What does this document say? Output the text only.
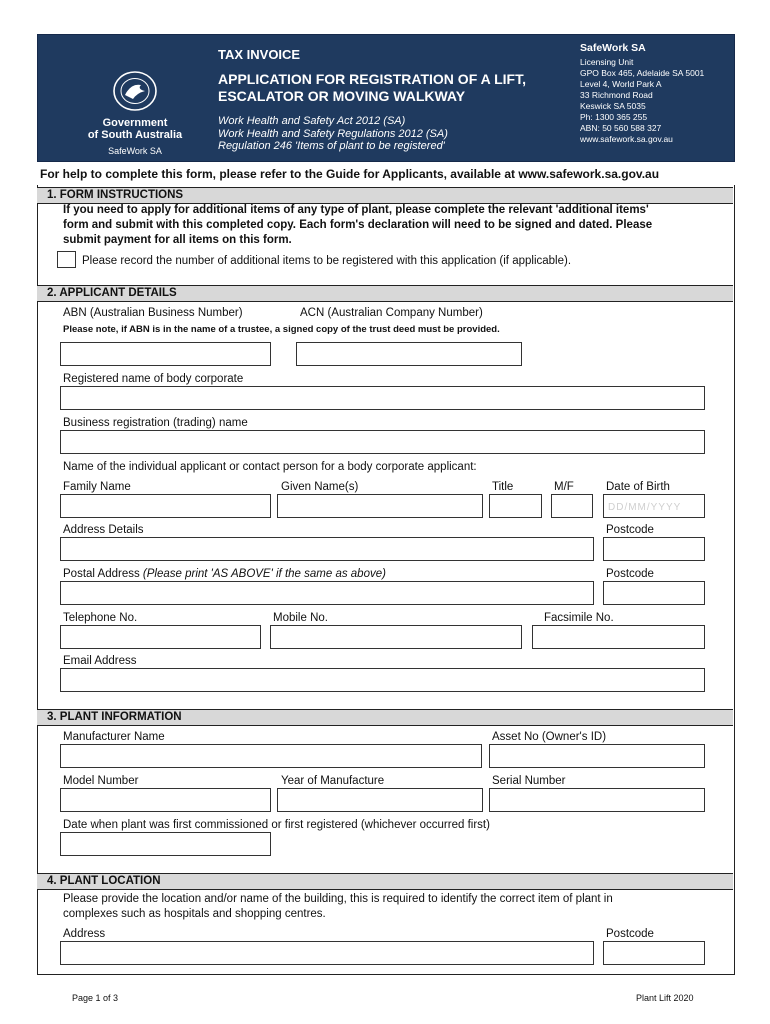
Government
of South Australia
SafeWork SA
TAX INVOICE
APPLICATION FOR REGISTRATION OF A LIFT,
ESCALATOR OR MOVING WALKWAY
Work Health and Safety Act 2012 (SA)
Work Health and Safety Regulations 2012 (SA)
Regulation 246 'Items of plant to be registered'
SafeWork SA
Licensing Unit
GPO Box 465, Adelaide SA 5001
Level 4, World Park A
33 Richmond Road
Keswick SA 5035
Ph: 1300 365 255
ABN: 50 560 588 327
www.safework.sa.gov.au
For help to complete this form, please refer to the Guide for Applicants, available at www.safework.sa.gov.au
1. FORM INSTRUCTIONS
If you need to apply for additional items of any type of plant, please complete the relevant 'additional items'
form and submit with this completed copy. Each form's declaration will need to be signed and dated. Please
submit payment for all items on this form.
Please record the number of additional items to be registered with this application (if applicable).
2. APPLICANT DETAILS
ABN (Australian Business Number)	ACN (Australian Company Number)
Please note, if ABN is in the name of a trustee, a signed copy of the trust deed must be provided.
Registered name of body corporate
Business registration (trading) name
Name of the individual applicant or contact person for a body corporate applicant:
Family Name	Given Name(s)	Title	M/F	Date of Birth
DD/MM/YYYY
Address Details	Postcode
Postal Address (Please print 'AS ABOVE' if the same as above)	Postcode
Telephone No.	Mobile No.	Facsimile No.
Email Address
3. PLANT INFORMATION
Manufacturer Name	Asset No (Owner's ID)
Model Number	Year of Manufacture	Serial Number
Date when plant was first commissioned or first registered (whichever occurred first)
4. PLANT LOCATION
Please provide the location and/or name of the building, this is required to identify the correct item of plant in
complexes such as hospitals and shopping centres.
Address	Postcode
Page 1 of 3	Plant Lift 2020
